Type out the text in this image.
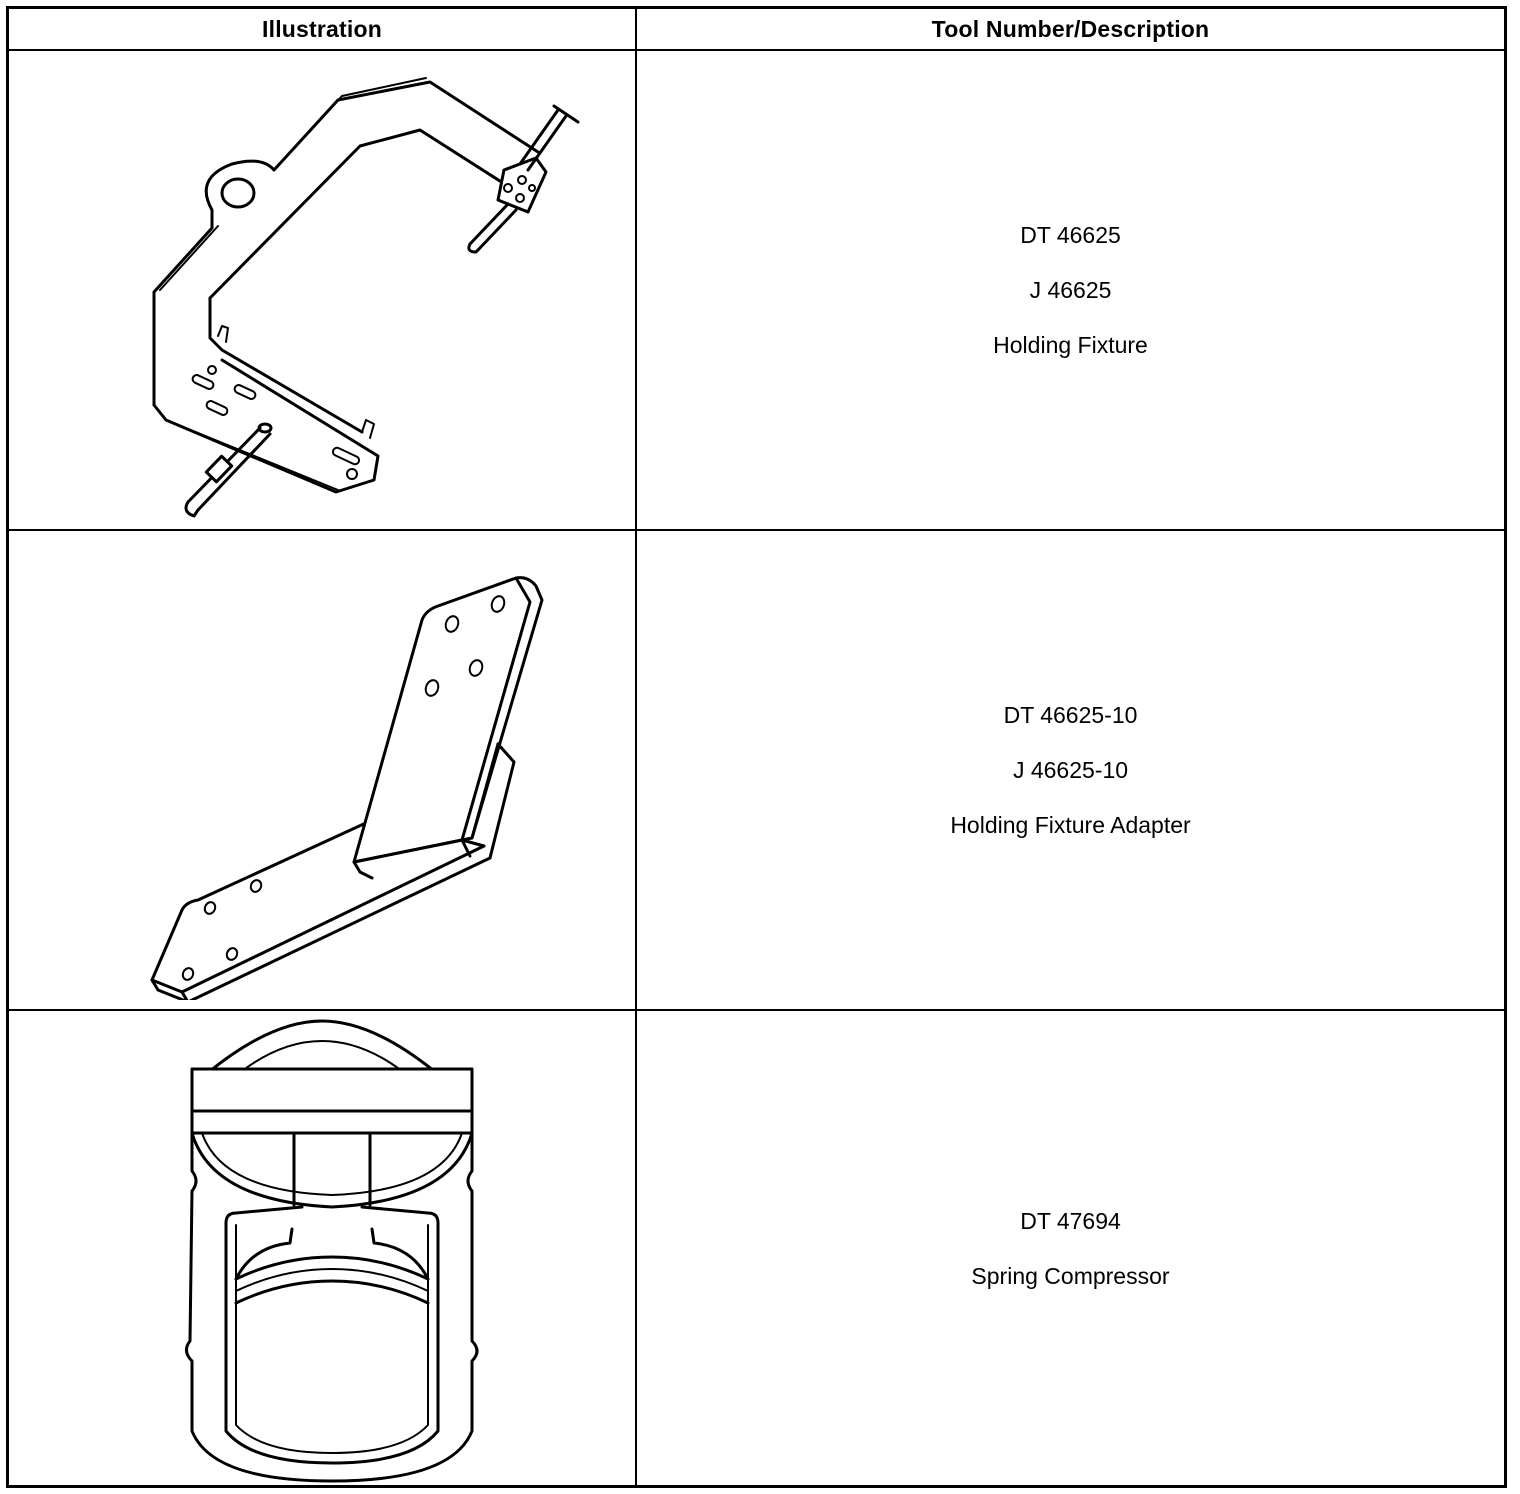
Illustration	Tool Number/Description
DT 46625
J 46625
Holding Fixture
DT 46625-10
J 46625-10
Holding Fixture Adapter
DT 47694
Spring Compressor
